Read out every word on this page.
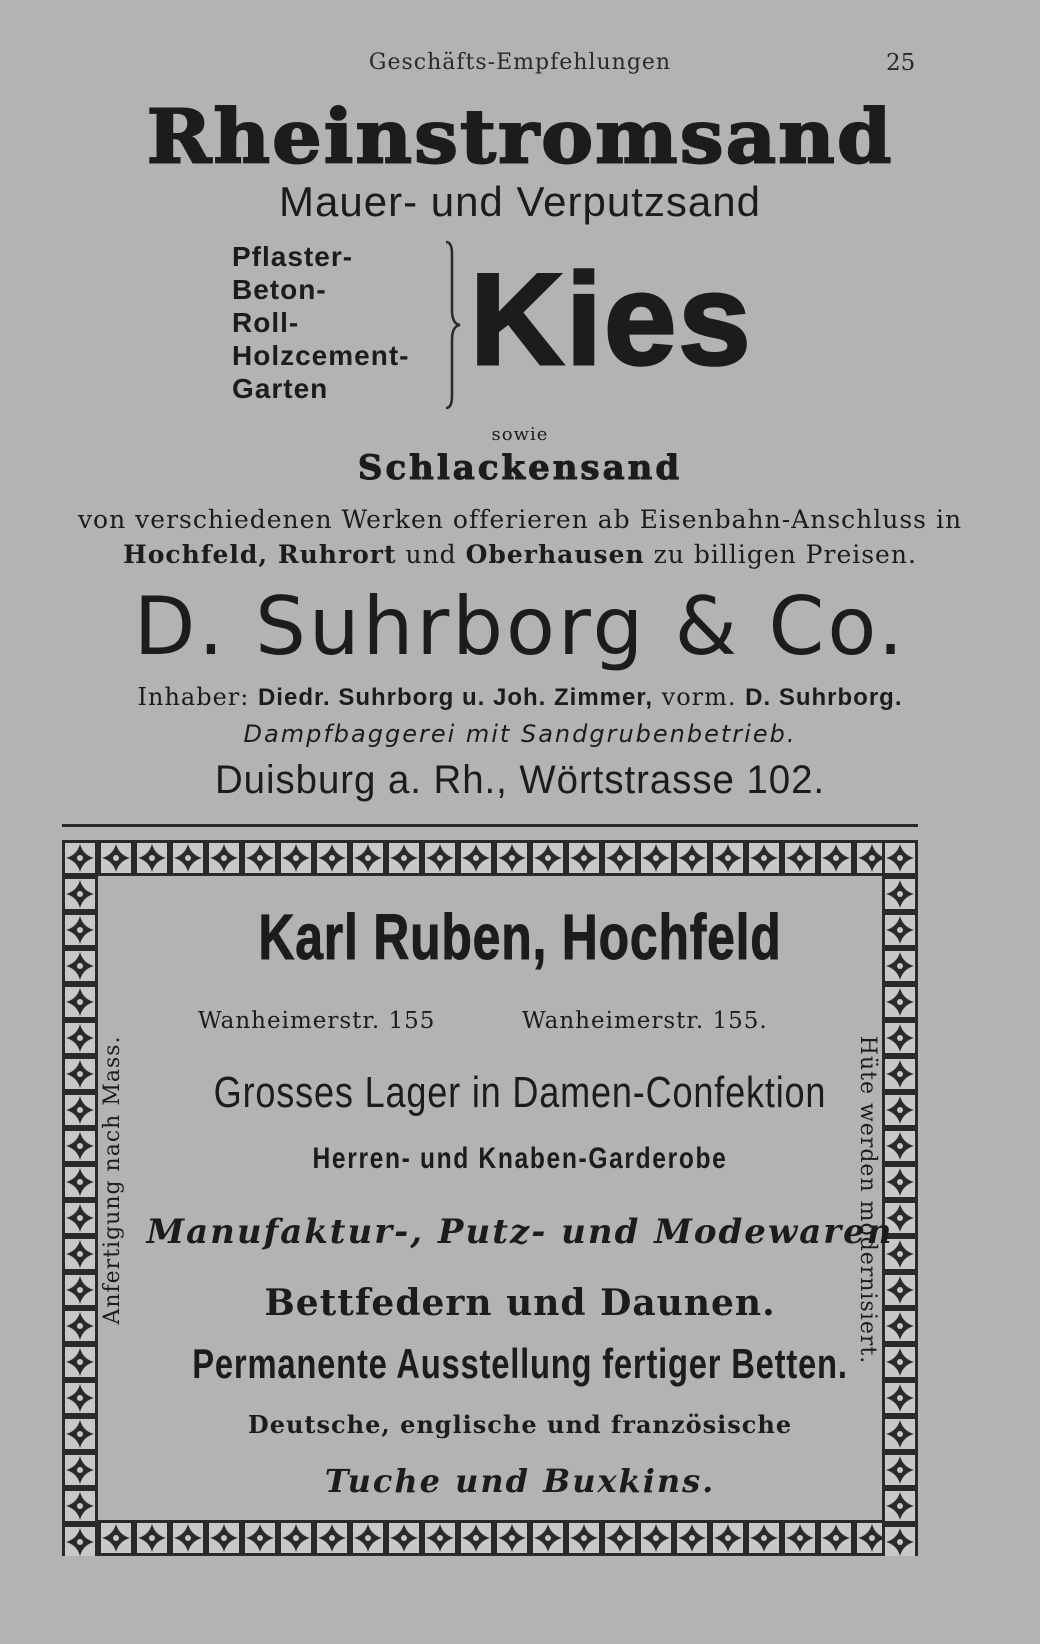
Geschäfts-Empfehlungen	25
Rheinstromsand
Mauer- und Verputzsand
Pflaster-
Beton-
Roll-
Holzcement-
Garten	Kies
sowie
Schlackensand
von verschiedenen Werken offerieren ab Eisenbahn-Anschluss in
Hochfeld, Ruhrort und Oberhausen zu billigen Preisen.
D. Suhrborg & Co.
Inhaber: Diedr. Suhrborg u. Joh. Zimmer, vorm. D. Suhrborg.
Dampfbaggerei mit Sandgrubenbetrieb.
Duisburg a. Rh., Wörtstrasse 102.
Karl Ruben, Hochfeld
Wanheimerstr. 155	Wanheimerstr. 155.
Grosses Lager in Damen-Confektion
Herren- und Knaben-Garderobe
Manufaktur-, Putz- und Modewaren
Bettfedern und Daunen.
Permanente Ausstellung fertiger Betten.
Deutsche, englische und französische
Tuche und Buxkins.
Anfertigung nach Mass.	Hüte werden modernisiert.
